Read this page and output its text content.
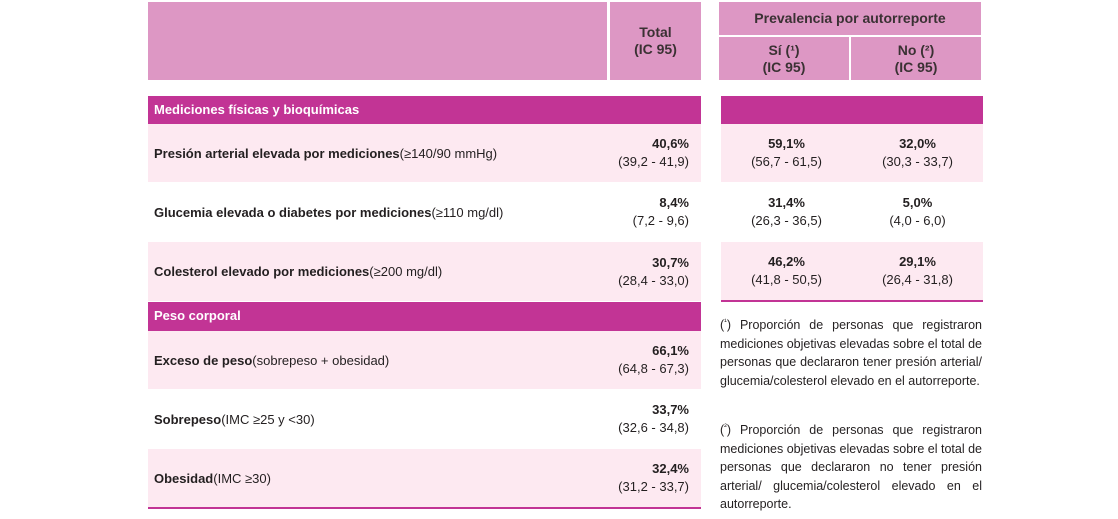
Total
(IC 95)
Prevalencia por autorreporte
Sí (¹)
(IC 95)
No (²)
(IC 95)
Mediciones físicas y bioquímicas
Presión arterial elevada por mediciones (≥140/90 mmHg)
40,6%
(39,2 - 41,9)
59,1%
(56,7 - 61,5)
32,0%
(30,3 - 33,7)
Glucemia elevada o diabetes por mediciones (≥110 mg/dl)
8,4%
(7,2 - 9,6)
31,4%
(26,3 - 36,5)
5,0%
(4,0 - 6,0)
Colesterol elevado por mediciones (≥200 mg/dl)
30,7%
(28,4 - 33,0)
46,2%
(41,8 - 50,5)
29,1%
(26,4 - 31,8)
Peso corporal
Exceso de peso (sobrepeso + obesidad)
66,1%
(64,8 - 67,3)
Sobrepeso (IMC ≥25 y <30)
33,7%
(32,6 - 34,8)
Obesidad (IMC ≥30)
32,4%
(31,2 - 33,7)
($^{^1}$) Proporción de personas que registraron mediciones objetivas elevadas sobre el total de personas que declararon tener presión arterial/ glucemia/colesterol elevado en el autorreporte.
($^{^2}$) Proporción de personas que registraron mediciones objetivas elevadas sobre el total de personas que declararon no tener presión arterial/ glucemia/colesterol elevado en el autorreporte.
